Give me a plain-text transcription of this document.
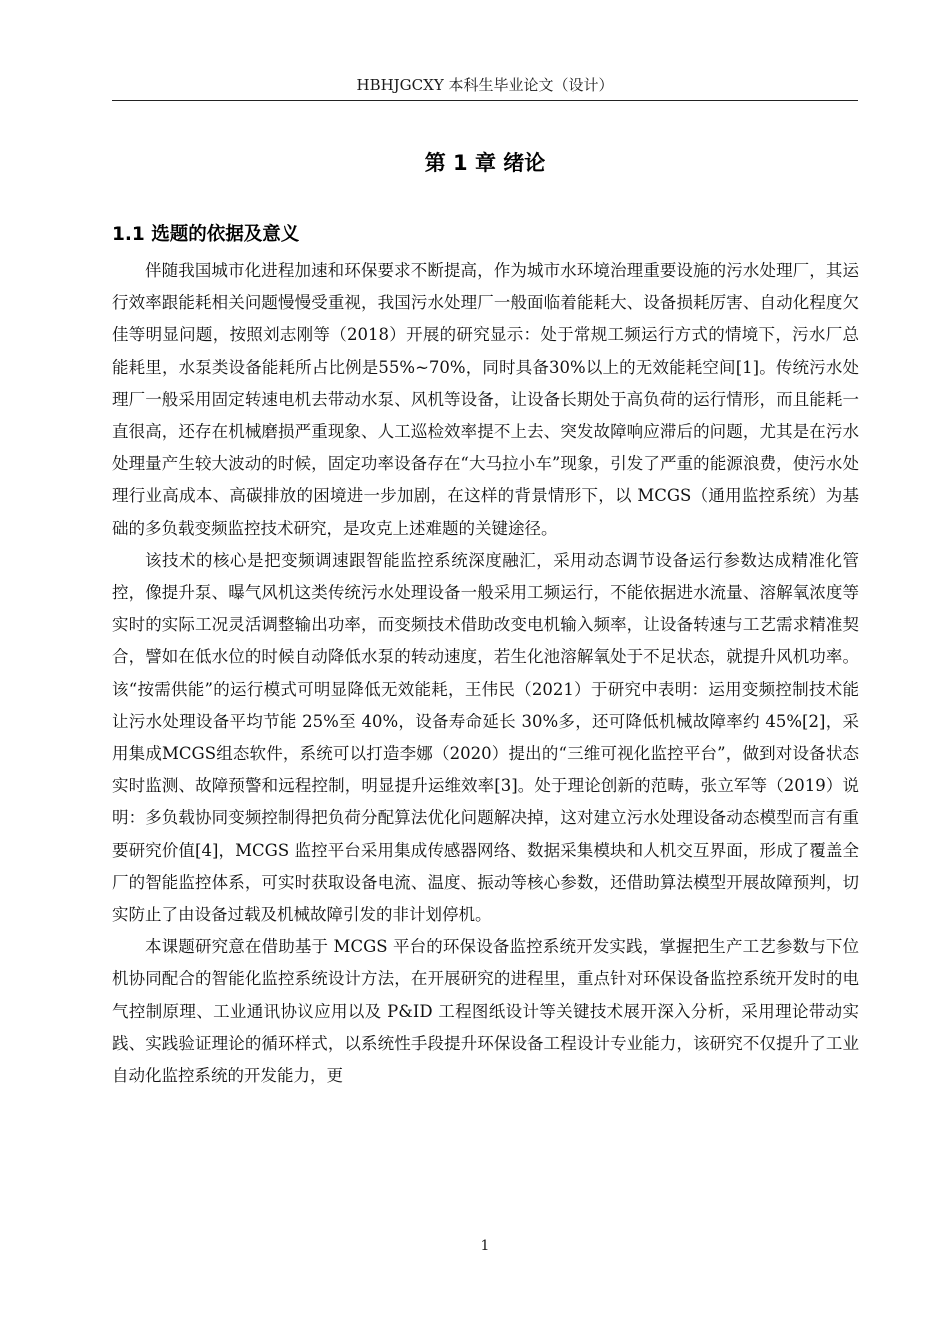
HBHJGCXY 本科生毕业论文（设计）
第 1 章 绪论
1.1 选题的依据及意义

伴随我国城市化进程加速和环保要求不断提高，作为城市水环境治理重要设施的污水处理厂，其运行效率跟能耗相关问题慢慢受重视，我国污水处理厂一般面临着能耗大、设备损耗厉害、自动化程度欠佳等明显问题，按照刘志刚等（2018）开展的研究显示：处于常规工频运行方式的情境下，污水厂总能耗里，水泵类设备能耗所占比例是55%~70%，同时具备30%以上的无效能耗空间[1]。传统污水处理厂一般采用固定转速电机去带动水泵、风机等设备，让设备长期处于高负荷的运行情形，而且能耗一直很高，还存在机械磨损严重现象、人工巡检效率提不上去、突发故障响应滞后的问题，尤其是在污水处理量产生较大波动的时候，固定功率设备存在“大马拉小车”现象，引发了严重的能源浪费，使污水处理行业高成本、高碳排放的困境进一步加剧，在这样的背景情形下，以 MCGS（通用监控系统）为基础的多负载变频监控技术研究，是攻克上述难题的关键途径。

该技术的核心是把变频调速跟智能监控系统深度融汇，采用动态调节设备运行参数达成精准化管控，像提升泵、曝气风机这类传统污水处理设备一般采用工频运行，不能依据进水流量、溶解氧浓度等实时的实际工况灵活调整输出功率，而变频技术借助改变电机输入频率，让设备转速与工艺需求精准契合，譬如在低水位的时候自动降低水泵的转动速度，若生化池溶解氧处于不足状态，就提升风机功率。该“按需供能”的运行模式可明显降低无效能耗，王伟民（2021）于研究中表明：运用变频控制技术能让污水处理设备平均节能 25%至 40%，设备寿命延长 30%多，还可降低机械故障率约 45%[2]，采用集成MCGS组态软件，系统可以打造李娜（2020）提出的“三维可视化监控平台”，做到对设备状态实时监测、故障预警和远程控制，明显提升运维效率[3]。处于理论创新的范畴，张立军等（2019）说明：多负载协同变频控制得把负荷分配算法优化问题解决掉，这对建立污水处理设备动态模型而言有重要研究价值[4]，MCGS 监控平台采用集成传感器网络、数据采集模块和人机交互界面，形成了覆盖全厂的智能监控体系，可实时获取设备电流、温度、振动等核心参数，还借助算法模型开展故障预判，切实防止了由设备过载及机械故障引发的非计划停机。

本课题研究意在借助基于 MCGS 平台的环保设备监控系统开发实践，掌握把生产工艺参数与下位机协同配合的智能化监控系统设计方法，在开展研究的进程里，重点针对环保设备监控系统开发时的电气控制原理、工业通讯协议应用以及 P&ID 工程图纸设计等关键技术展开深入分析，采用理论带动实践、实践验证理论的循环样式，以系统性手段提升环保设备工程设计专业能力，该研究不仅提升了工业自动化监控系统的开发能力，更

1
